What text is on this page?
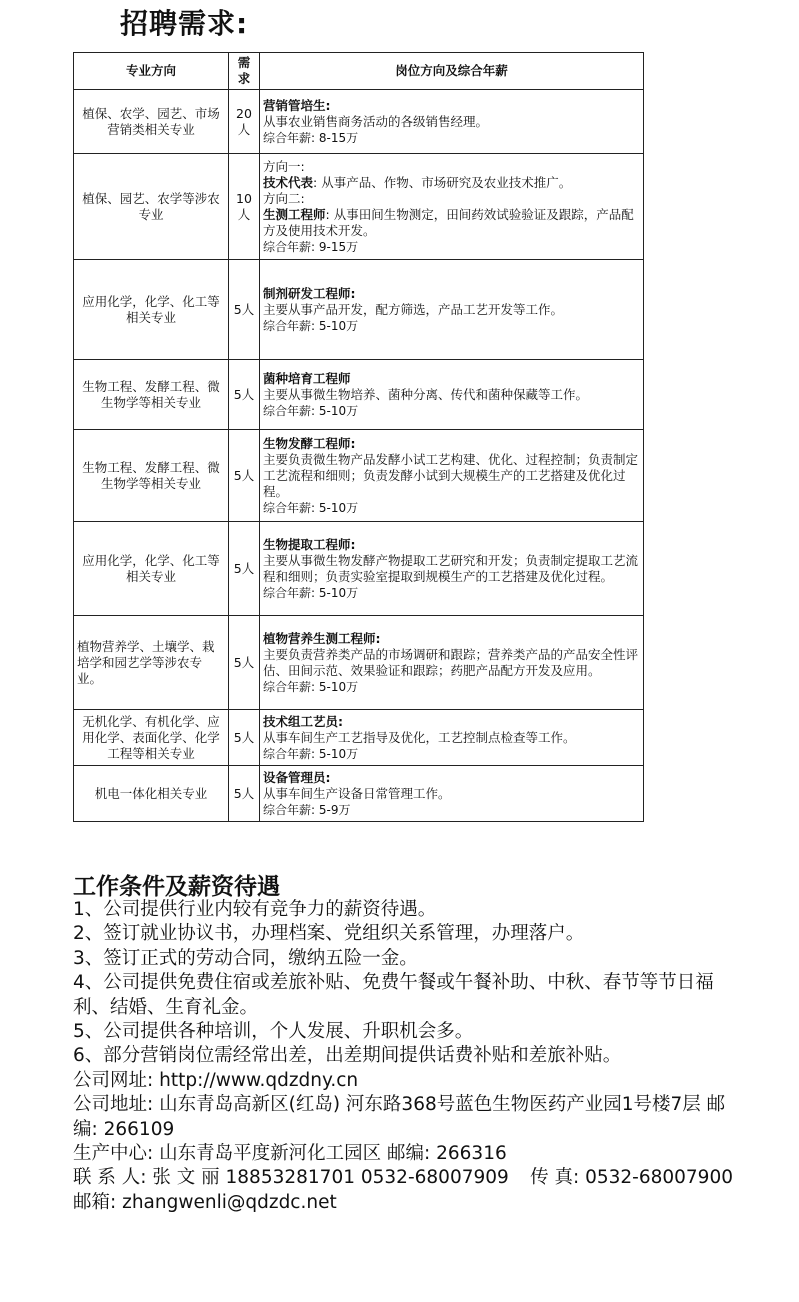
招聘需求:
专业方向	需求	岗位方向及综合年薪
植保、农学、园艺、市场营销类相关专业	20人	营销管培生:
从事农业销售商务活动的各级销售经理。
综合年薪: 8-15万

植保、园艺、农学等涉农专业	10人	方向一:
技术代表: 从事产品、作物、市场研究及农业技术推广。
方向二:
生测工程师: 从事田间生物测定，田间药效试验验证及跟踪，产品配方及使用技术开发。
综合年薪: 9-15万

应用化学，化学、化工等相关专业	5人	制剂研发工程师:
主要从事产品开发，配方筛选，产品工艺开发等工作。
综合年薪: 5-10万

生物工程、发酵工程、微生物学等相关专业	5人	菌种培育工程师
主要从事微生物培养、菌种分离、传代和菌种保藏等工作。
综合年薪: 5-10万

生物工程、发酵工程、微生物学等相关专业	5人	生物发酵工程师:
主要负责微生物产品发酵小试工艺构建、优化、过程控制；负责制定工艺流程和细则；负责发酵小试到大规模生产的工艺搭建及优化过程。
综合年薪: 5-10万

应用化学，化学、化工等相关专业	5人	生物提取工程师:
主要从事微生物发酵产物提取工艺研究和开发；负责制定提取工艺流程和细则；负责实验室提取到规模生产的工艺搭建及优化过程。
综合年薪: 5-10万

植物营养学、土壤学、栽培学和园艺学等涉农专业。	5人	植物营养生测工程师:
主要负责营养类产品的市场调研和跟踪；营养类产品的产品安全性评估、田间示范、效果验证和跟踪；药肥产品配方开发及应用。
综合年薪: 5-10万

无机化学、有机化学、应用化学、表面化学、化学工程等相关专业	5人	技术组工艺员:
从事车间生产工艺指导及优化，工艺控制点检查等工作。
综合年薪: 5-10万

机电一体化相关专业	5人	设备管理员:
从事车间生产设备日常管理工作。
综合年薪: 5-9万
工作条件及薪资待遇
1、公司提供行业内较有竞争力的薪资待遇。
2、签订就业协议书，办理档案、党组织关系管理，办理落户。
3、签订正式的劳动合同，缴纳五险一金。
4、公司提供免费住宿或差旅补贴、免费午餐或午餐补助、中秋、春节等节日福利、结婚、生育礼金。
5、公司提供各种培训，个人发展、升职机会多。
6、部分营销岗位需经常出差，出差期间提供话费补贴和差旅补贴。
公司网址: http://www.qdzdny.cn
公司地址: 山东青岛高新区(红岛) 河东路368号蓝色生物医药产业园1号楼7层 邮编: 266109
生产中心: 山东青岛平度新河化工园区 邮编: 266316
联 系 人: 张 文 丽 18853281701 0532-68007909 传 真: 0532-68007900
邮箱: zhangwenli@qdzdc.net
